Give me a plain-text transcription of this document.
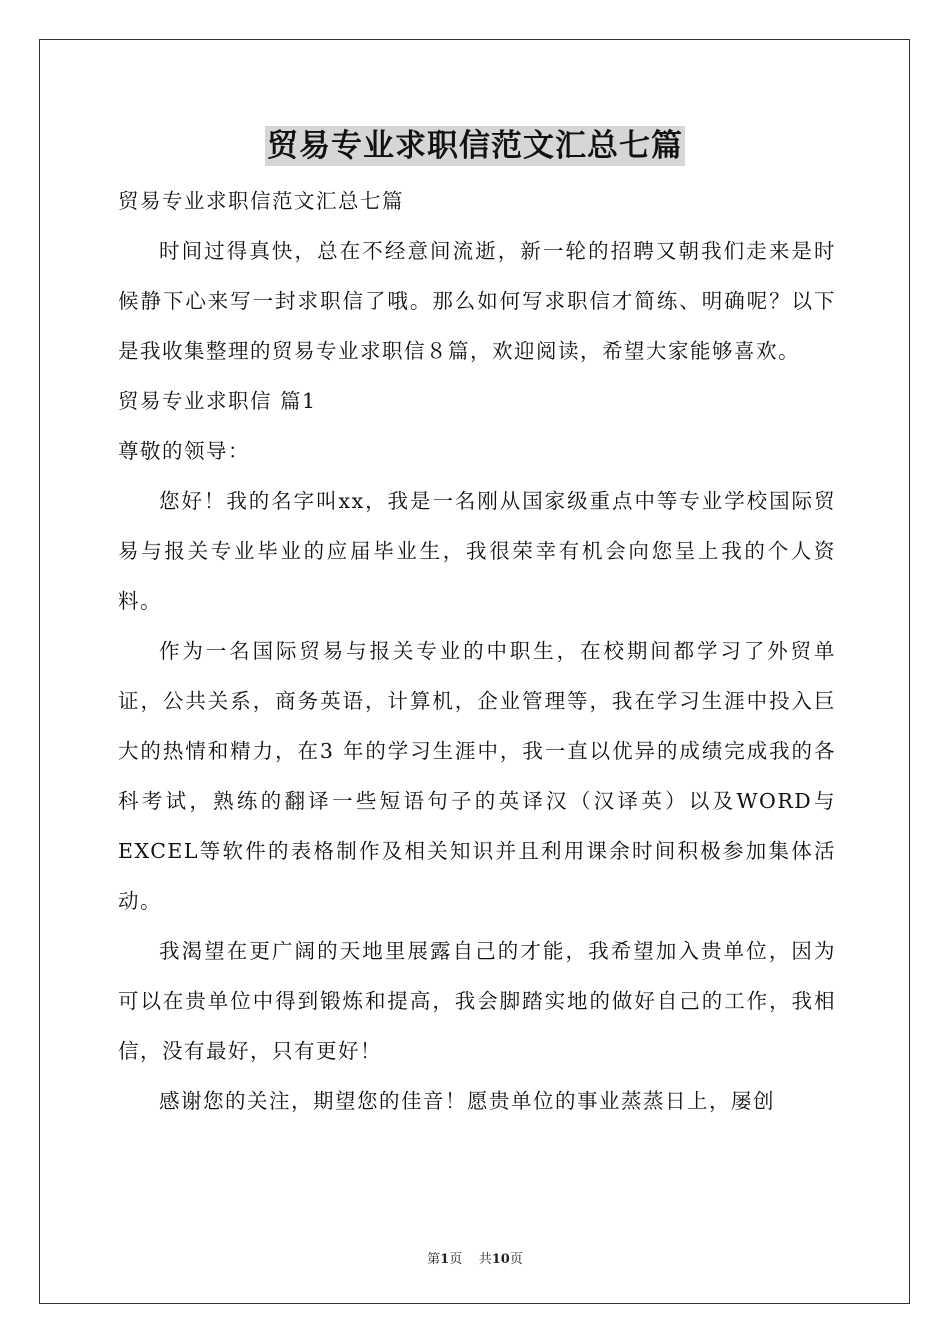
贸易专业求职信范文汇总七篇

贸易专业求职信范文汇总七篇

时间过得真快，总在不经意间流逝，新一轮的招聘又朝我们走来是时候静下心来写一封求职信了哦。那么如何写求职信才简练、明确呢？以下是我收集整理的贸易专业求职信８篇，欢迎阅读，希望大家能够喜欢。

贸易专业求职信 篇1

尊敬的领导：

您好！我的名字叫xx，我是一名刚从国家级重点中等专业学校国际贸易与报关专业毕业的应届毕业生，我很荣幸有机会向您呈上我的个人资料。

作为一名国际贸易与报关专业的中职生，在校期间都学习了外贸单证，公共关系，商务英语，计算机，企业管理等，我在学习生涯中投入巨大的热情和精力，在3 年的学习生涯中，我一直以优异的成绩完成我的各科考试，熟练的翻译一些短语句子的英译汉（汉译英）以及WORD与EXCEL等软件的表格制作及相关知识并且利用课余时间积极参加集体活动。

我渴望在更广阔的天地里展露自己的才能，我希望加入贵单位，因为可以在贵单位中得到锻炼和提高，我会脚踏实地的做好自己的工作，我相信，没有最好，只有更好！

感谢您的关注，期望您的佳音！愿贵单位的事业蒸蒸日上，屡创

第1页 共10页
